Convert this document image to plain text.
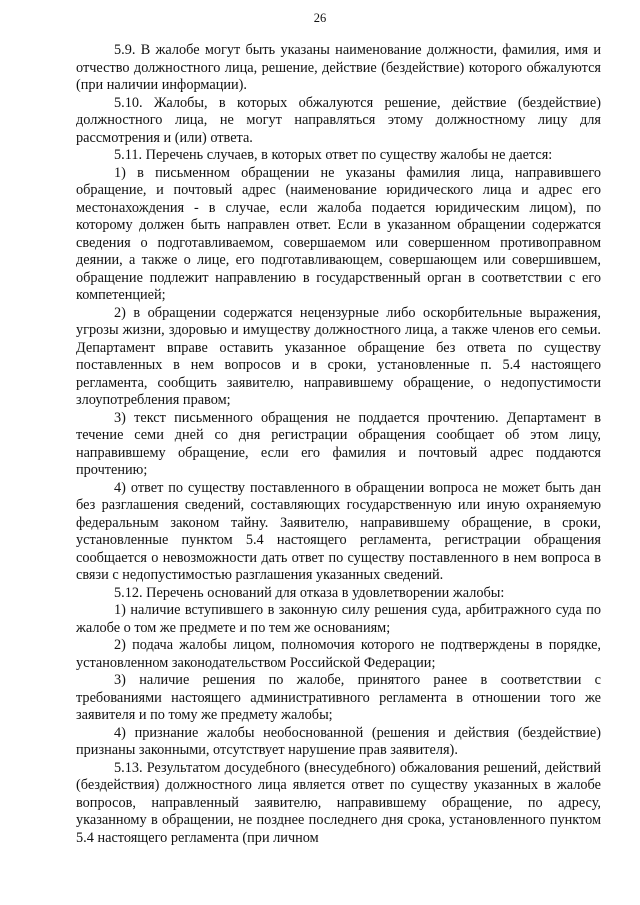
26

5.9. В жалобе могут быть указаны наименование должности, фамилия, имя и отчество должностного лица, решение, действие (бездействие) которого обжалуются (при наличии информации).

5.10. Жалобы, в которых обжалуются решение, действие (бездействие) должностного лица, не могут направляться этому должностному лицу для рассмотрения и (или) ответа.

5.11. Перечень случаев, в которых ответ по существу жалобы не дается:

1) в письменном обращении не указаны фамилия лица, направившего обращение, и почтовый адрес (наименование юридического лица и адрес его местонахождения - в случае, если жалоба подается юридическим лицом), по которому должен быть направлен ответ. Если в указанном обращении содержатся сведения о подготавливаемом, совершаемом или совершенном противоправном деянии, а также о лице, его подготавливающем, совершающем или совершившем, обращение подлежит направлению в государственный орган в соответствии с его компетенцией;

2) в обращении содержатся нецензурные либо оскорбительные выражения, угрозы жизни, здоровью и имуществу должностного лица, а также членов его семьи. Департамент вправе оставить указанное обращение без ответа по существу поставленных в нем вопросов и в сроки, установленные п. 5.4 настоящего регламента, сообщить заявителю, направившему обращение, о недопустимости злоупотребления правом;

3) текст письменного обращения не поддается прочтению. Департамент в течение семи дней со дня регистрации обращения сообщает об этом лицу, направившему обращение, если его фамилия и почтовый адрес поддаются прочтению;

4) ответ по существу поставленного в обращении вопроса не может быть дан без разглашения сведений, составляющих государственную или иную охраняемую федеральным законом тайну. Заявителю, направившему обращение, в сроки, установленные пунктом 5.4 настоящего регламента, регистрации обращения сообщается о невозможности дать ответ по существу поставленного в нем вопроса в связи с недопустимостью разглашения указанных сведений.

5.12. Перечень оснований для отказа в удовлетворении жалобы:

1) наличие вступившего в законную силу решения суда, арбитражного суда по жалобе о том же предмете и по тем же основаниям;

2) подача жалобы лицом, полномочия которого не подтверждены в порядке, установленном законодательством Российской Федерации;

3) наличие решения по жалобе, принятого ранее в соответствии с требованиями настоящего административного регламента в отношении того же заявителя и по тому же предмету жалобы;

4) признание жалобы необоснованной (решения и действия (бездействие) признаны законными, отсутствует нарушение прав заявителя).

5.13. Результатом досудебного (внесудебного) обжалования решений, действий (бездействия) должностного лица является ответ по существу указанных в жалобе вопросов, направленный заявителю, направившему обращение, по адресу, указанному в обращении, не позднее последнего дня срока, установленного пунктом 5.4 настоящего регламента (при личном
